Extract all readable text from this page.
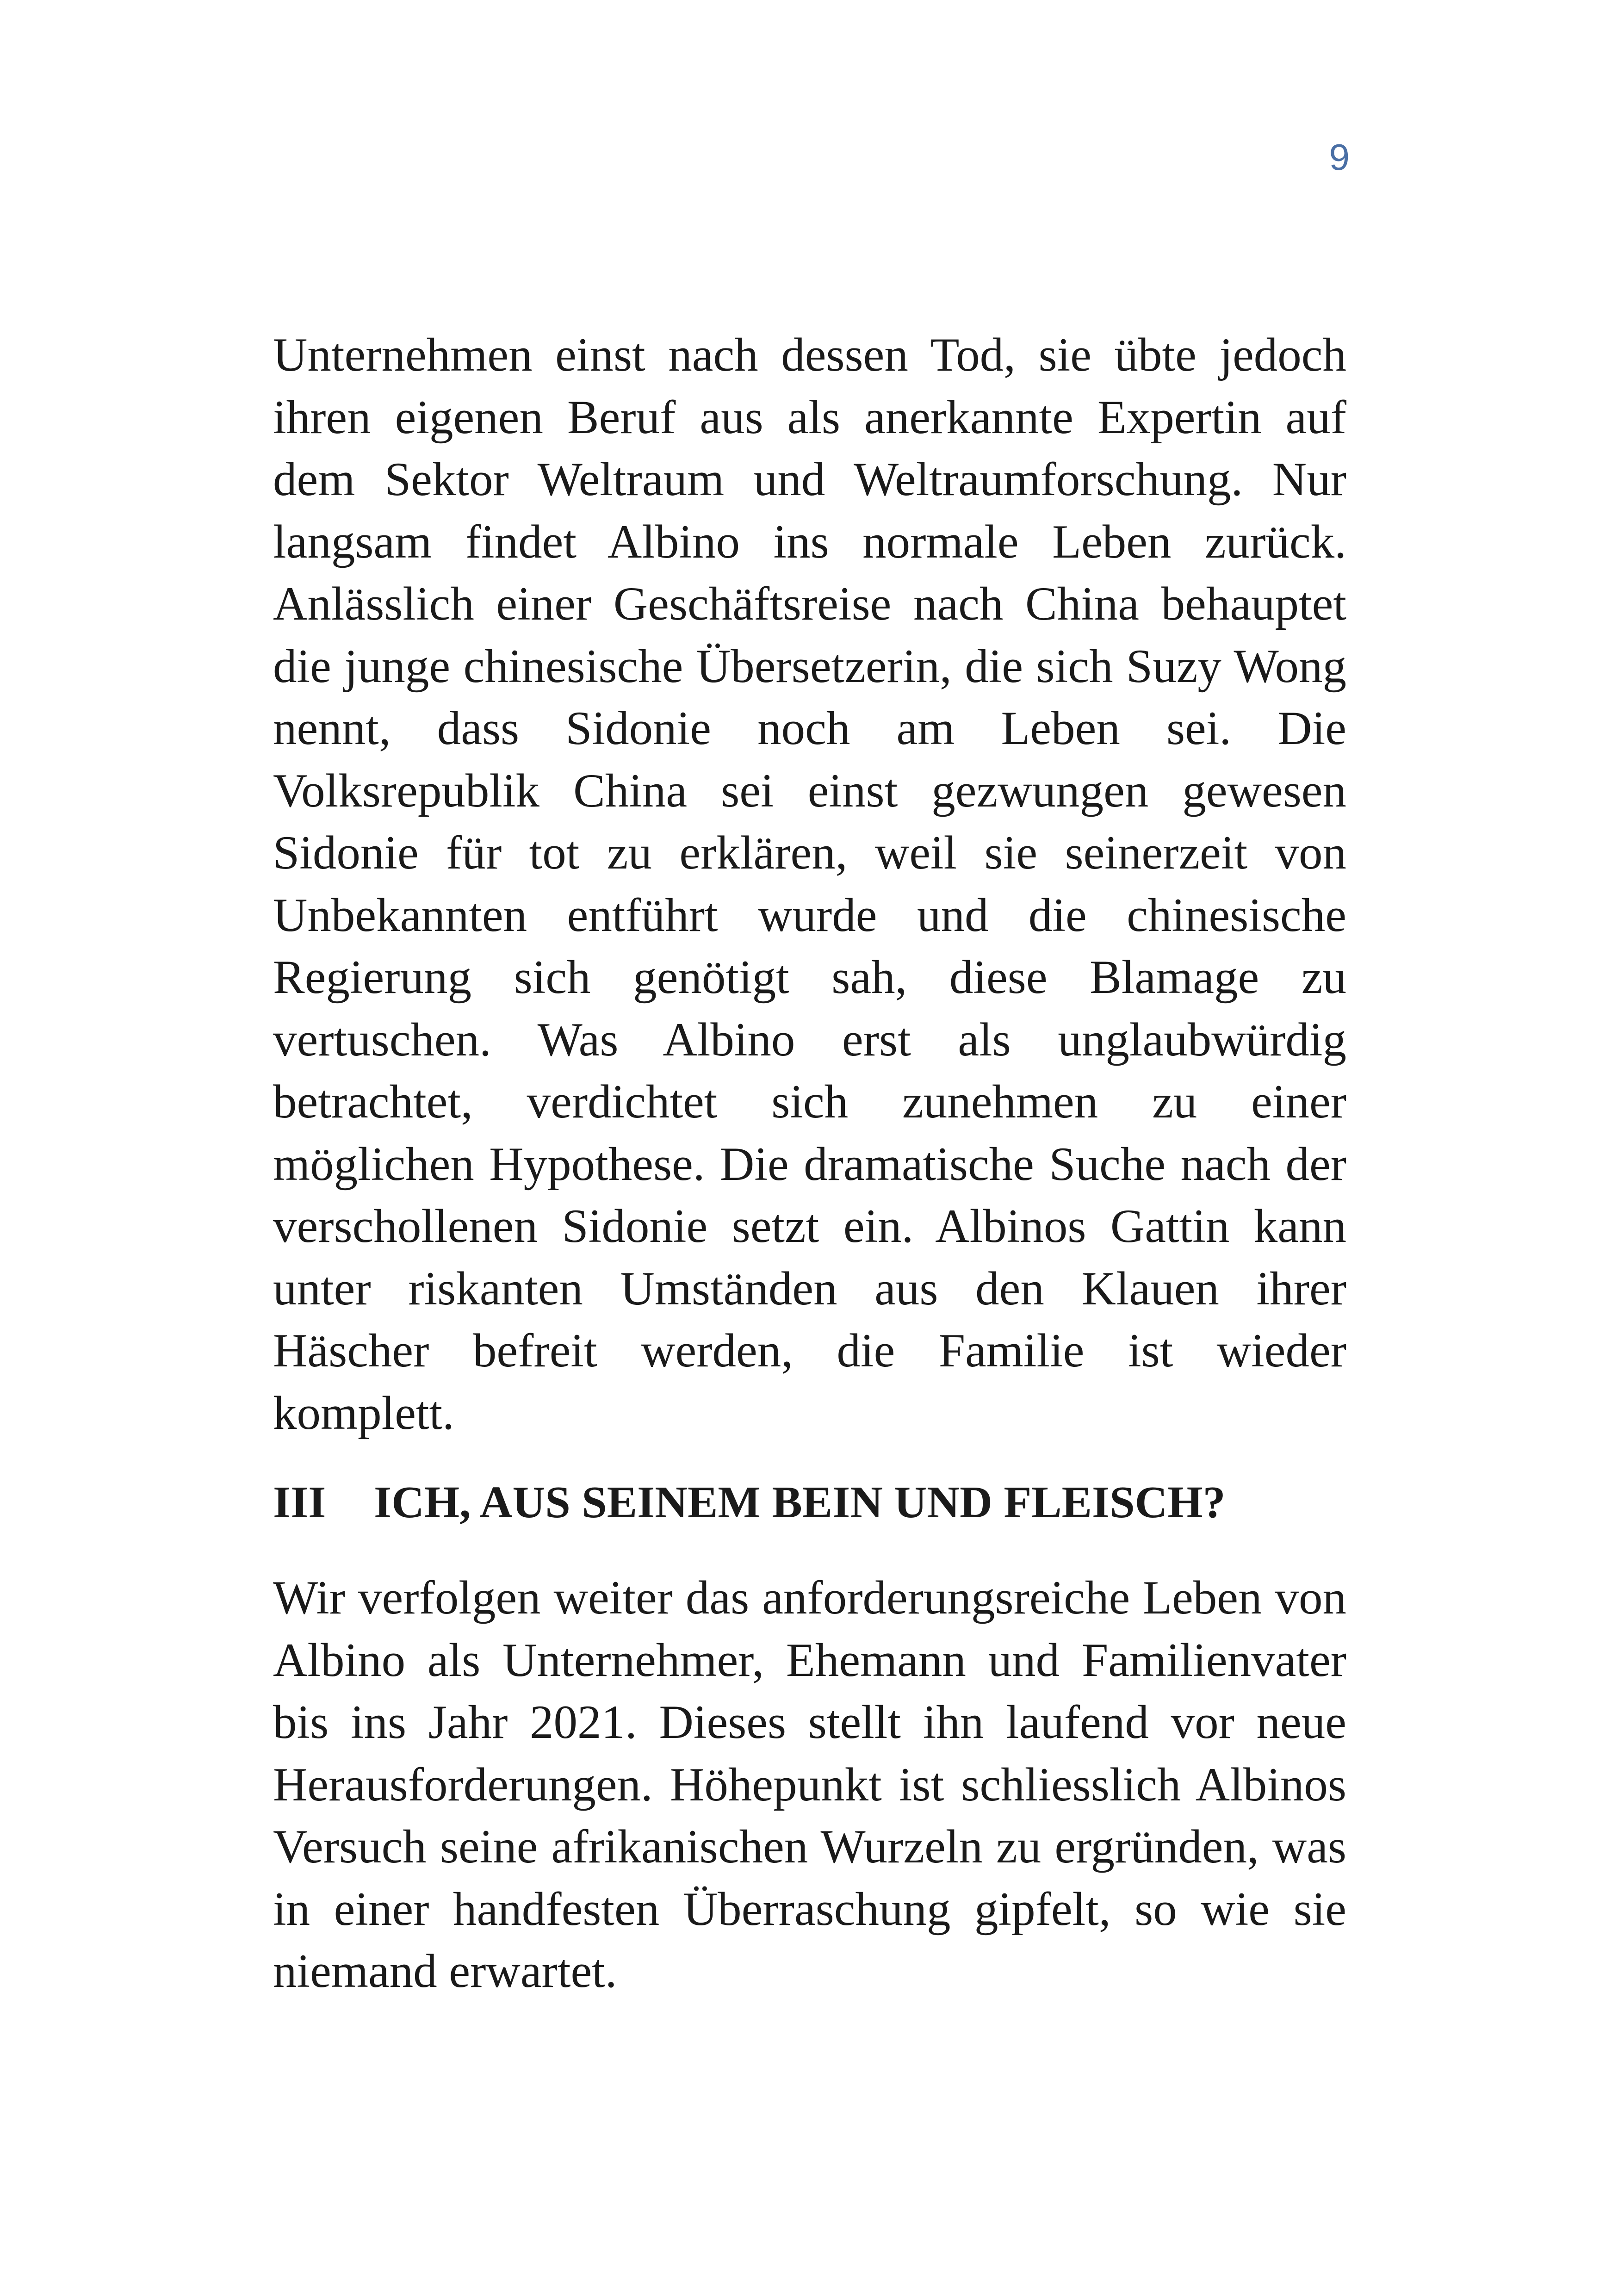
9

Unternehmen einst nach dessen Tod, sie übte jedoch ihren eigenen Beruf aus als anerkannte Expertin auf dem Sektor Weltraum und Weltraumforschung. Nur langsam findet Albino ins normale Leben zurück. Anlässlich einer Geschäftsreise nach China behauptet die junge chinesische Übersetzerin, die sich Suzy Wong nennt, dass Sidonie noch am Leben sei. Die Volksrepublik China sei einst gezwungen gewesen Sidonie für tot zu erklären, weil sie seinerzeit von Unbekannten entführt wurde und die chinesische Regierung sich genötigt sah, diese Blamage zu vertuschen. Was Albino erst als unglaubwürdig betrachtet, verdichtet sich zunehmen zu einer möglichen Hypothese. Die dramatische Suche nach der verschollenen Sidonie setzt ein. Albinos Gattin kann unter riskanten Umständen aus den Klauen ihrer Häscher befreit werden, die Familie ist wieder komplett.

III ICH, AUS SEINEM BEIN UND FLEISCH?

Wir verfolgen weiter das anforderungsreiche Leben von Albino als Unternehmer, Ehemann und Familienvater bis ins Jahr 2021. Dieses stellt ihn laufend vor neue Herausforderungen. Höhepunkt ist schliesslich Albinos Versuch seine afrikanischen Wurzeln zu ergründen, was in einer handfesten Überraschung gipfelt, so wie sie niemand erwartet.
